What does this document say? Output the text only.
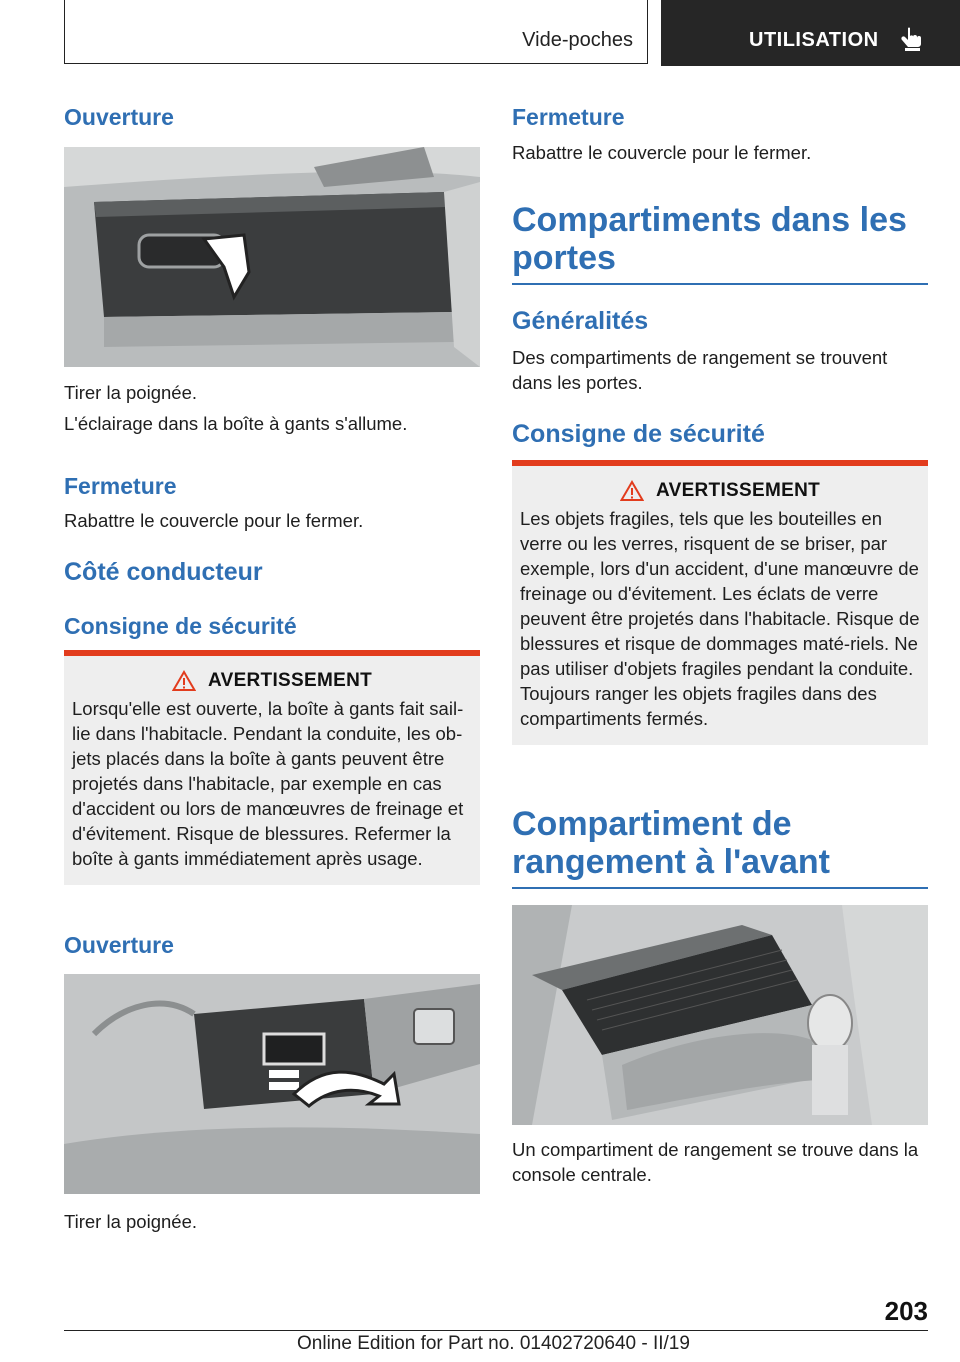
Vide-poches	UTILISATION
Ouverture

Tirer la poignée.

L'éclairage dans la boîte à gants s'allume.

Fermeture

Rabattre le couvercle pour le fermer.

Côté conducteur
Consigne de sécurité
AVERTISSEMENT

Lorsqu'elle est ouverte, la boîte à gants fait sail-lie dans l'habitacle. Pendant la conduite, les ob-jets placés dans la boîte à gants peuvent être projetés dans l'habitacle, par exemple en cas d'accident ou lors de manœuvres de freinage et d'évitement. Risque de blessures. Refermer la boîte à gants immédiatement après usage.

Ouverture

Tirer la poignée.

Fermeture

Rabattre le couvercle pour le fermer.

Compartiments dans les portes
Généralités

Des compartiments de rangement se trouvent dans les portes.

Consigne de sécurité
AVERTISSEMENT

Les objets fragiles, tels que les bouteilles en verre ou les verres, risquent de se briser, par exemple, lors d'un accident, d'une manœuvre de freinage ou d'évitement. Les éclats de verre peuvent être projetés dans l'habitacle. Risque de blessures et risque de dommages maté-riels. Ne pas utiliser d'objets fragiles pendant la conduite. Toujours ranger les objets fragiles dans des compartiments fermés.

Compartiment de rangement à l'avant

Un compartiment de rangement se trouve dans la console centrale.

203
Online Edition for Part no. 01402720640 - II/19
